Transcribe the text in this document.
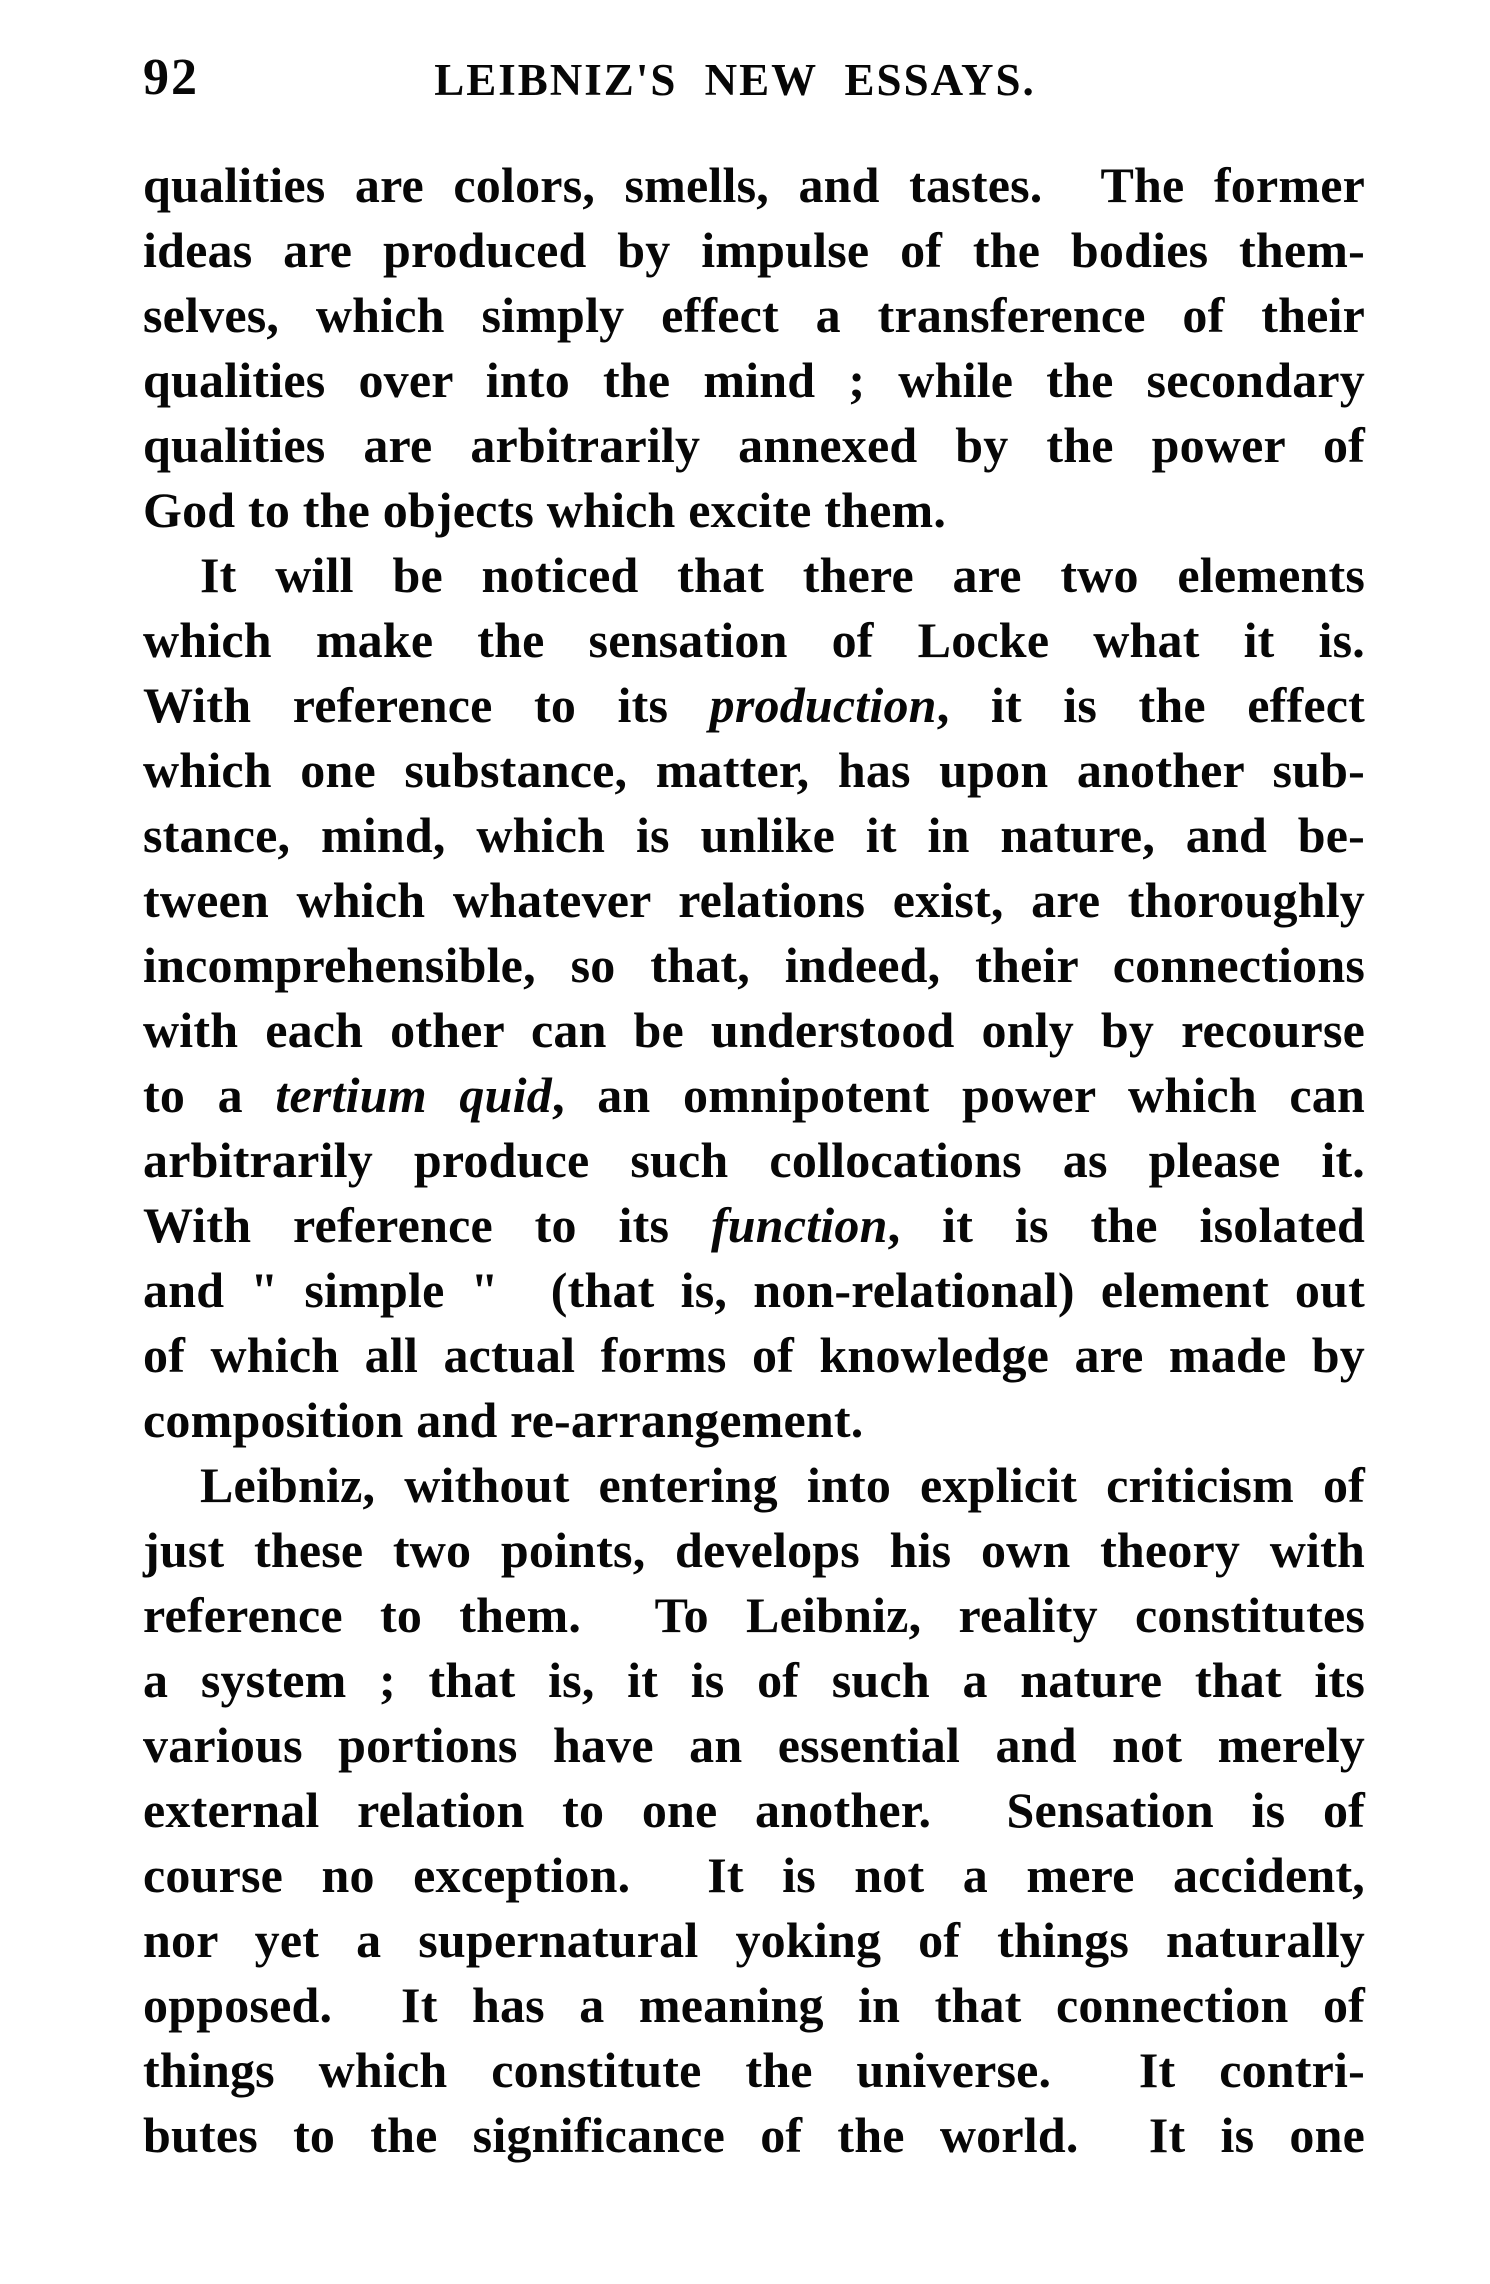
92	LEIBNIZ'S NEW ESSAYS.
qualities are colors, smells, and tastes.  The former
ideas are produced by impulse of the bodies them-
selves, which simply effect a transference of their
qualities over into the mind ; while the secondary
qualities are arbitrarily annexed by the power of
God to the objects which excite them.
It will be noticed that there are two elements
which make the sensation of Locke what it is.
With reference to its production, it is the effect
which one substance, matter, has upon another sub-
stance, mind, which is unlike it in nature, and be-
tween which whatever relations exist, are thoroughly
incomprehensible, so that, indeed, their connections
with each other can be understood only by recourse
to a tertium quid, an omnipotent power which can
arbitrarily produce such collocations as please it.
With reference to its function, it is the isolated
and " simple "  (that is, non-relational) element out
of which all actual forms of knowledge are made by
composition and re-arrangement.
Leibniz, without entering into explicit criticism of
just these two points, develops his own theory with
reference to them.  To Leibniz, reality constitutes
a system ; that is, it is of such a nature that its
various portions have an essential and not merely
external relation to one another.  Sensation is of
course no exception.  It is not a mere accident,
nor yet a supernatural yoking of things naturally
opposed.  It has a meaning in that connection of
things which constitute the universe.  It contri-
butes to the significance of the world.  It is one
